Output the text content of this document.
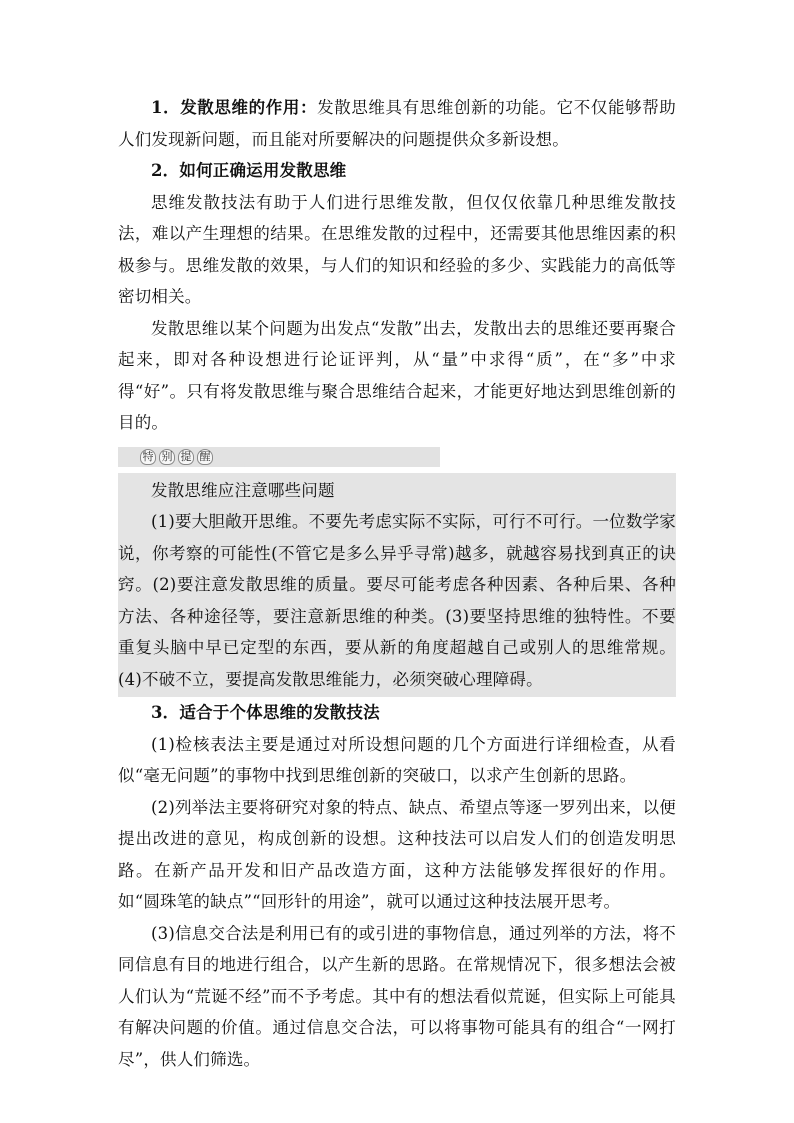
1．发散思维的作用：发散思维具有思维创新的功能。它不仅能够帮助人们发现新问题，而且能对所要解决的问题提供众多新设想。

2．如何正确运用发散思维

思维发散技法有助于人们进行思维发散，但仅仅依靠几种思维发散技法，难以产生理想的结果。在思维发散的过程中，还需要其他思维因素的积极参与。思维发散的效果，与人们的知识和经验的多少、实践能力的高低等密切相关。

发散思维以某个问题为出发点“发散”出去，发散出去的思维还要再聚合起来，即对各种设想进行论证评判，从“量”中求得“质”，在“多”中求得“好”。只有将发散思维与聚合思维结合起来，才能更好地达到思维创新的目的。

特 别 提 醒

发散思维应注意哪些问题

(1)要大胆敞开思维。不要先考虑实际不实际，可行不可行。一位数学家说，你考察的可能性(不管它是多么异乎寻常)越多，就越容易找到真正的诀窍。(2)要注意发散思维的质量。要尽可能考虑各种因素、各种后果、各种方法、各种途径等，要注意新思维的种类。(3)要坚持思维的独特性。不要重复头脑中早已定型的东西，要从新的角度超越自己或别人的思维常规。(4)不破不立，要提高发散思维能力，必须突破心理障碍。

3．适合于个体思维的发散技法

(1)检核表法主要是通过对所设想问题的几个方面进行详细检查，从看似“毫无问题”的事物中找到思维创新的突破口，以求产生创新的思路。

(2)列举法主要将研究对象的特点、缺点、希望点等逐一罗列出来，以便提出改进的意见，构成创新的设想。这种技法可以启发人们的创造发明思路。在新产品开发和旧产品改造方面，这种方法能够发挥很好的作用。如“圆珠笔的缺点”“回形针的用途”，就可以通过这种技法展开思考。

(3)信息交合法是利用已有的或引进的事物信息，通过列举的方法，将不同信息有目的地进行组合，以产生新的思路。在常规情况下，很多想法会被人们认为“荒诞不经”而不予考虑。其中有的想法看似荒诞，但实际上可能具有解决问题的价值。通过信息交合法，可以将事物可能具有的组合“一网打尽”，供人们筛选。
